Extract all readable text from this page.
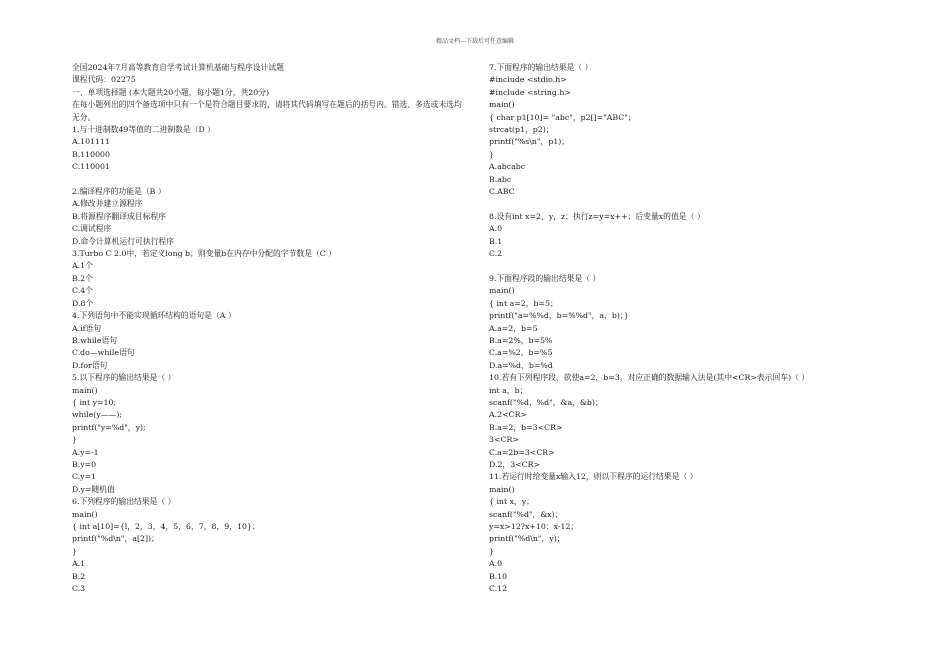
精品文档---下载后可任意编辑
全国2024年7月高等教育自学考试计算机基础与程序设计试题
课程代码：02275
一、单项选择题 (本大题共20小题，每小题1分，共20分)
在每小题列出的四个备选项中只有一个是符合题目要求的，请将其代码填写在题后的括号内。错选、多选或未选均无分。
1.与十进制数49等值的二进制数是（D ）
A.101111
B.110000
C.110001
2.编译程序的功能是（B ）
A.修改并建立源程序
B.将源程序翻译成目标程序
C.调试程序
D.命令计算机运行可执行程序
3.Turbo C 2.0中，若定义long b；则变量b在内存中分配的字节数是（C ）
A.1个
B.2个
C.4个
D.8个
4.下列语句中不能实现循环结构的语句是（A ）
A.if语句
B.while语句
C.do—while语句
D.for语句
5.以下程序的输出结果是（ ）
main()
{ int y=10;
while(y——);
printf("y=%d"，y);
}
A.y=-1
B.y=0
C.y=1
D.y=随机值
6.下列程序的输出结果是（ ）
main()
{ int a[10]={l，2，3，4，5，6，7，8，9，10}；
printf("%d\n"，a[2])；
}
A.1
B.2
C.3
7.下面程序的输出结果是（ ）
#include <stdio.h>
#include <string.h>
main()
{ char p1[10]= "abc"，p2[]="ABC"；
strcat(p1，p2)；
printf("%s\n"，p1)；
}
A.abcabc
B.abc
C.ABC
8.设有int x=2，y，z；执行z=y=x++；后变量x的值是（ ）
A.0
B.1
C.2
9.下面程序段的输出结果是（ ）
main()
{ int a=2，b=5；
printf("a=%%d，b=%%d"，a，b)；}
A.a=2，b=5
B.a=2%，b=5%
C.a=%2，b=%5
D.a=%d，b=%d
10.若有下列程序段，欲使a=2，b=3，对应正确的数据输入法是(其中<CR>表示回车)（ ）
int a，b；
scanf("%d，%d"，&a，&b)；
A.2<CR>
B.a=2，b=3<CR>
3<CR>
C.a=2b=3<CR>
D.2，3<CR>
11.若运行时给变量x输入12，则以下程序的运行结果是（ ）
main()
{ int x，y；
scanf("%d"，&x)；
y=x>12?x+10：x-12；
printf("%d\n"，y)；
}
A.0
B.10
C.12
